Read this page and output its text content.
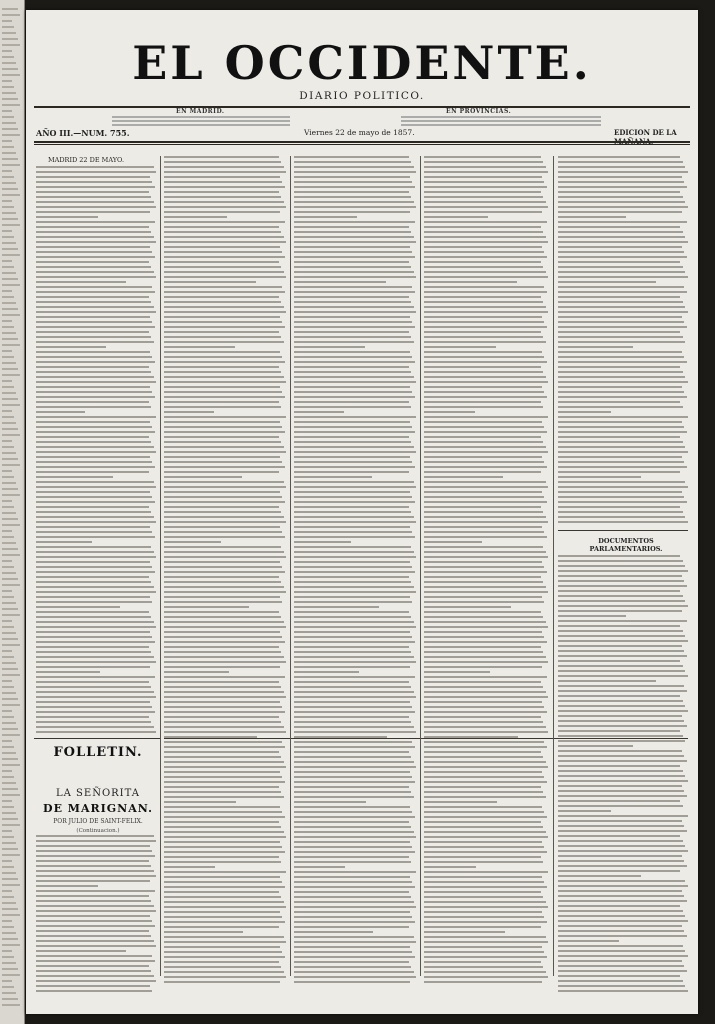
EL OCCIDENTE.
DIARIO POLITICO.
EN MADRID.	EN PROVINCIAS.
AÑO III.—NUM. 755.	Viernes 22 de mayo de 1857.	EDICION DE LA
MADRID 22 DE MAYO.
FOLLETIN.
LA SEÑORITA
DE MARIGNAN.
POR JULIO DE SAINT-FELIX.
(Continuacion.)
DOCUMENTOS PARLAMENTARIOS.
